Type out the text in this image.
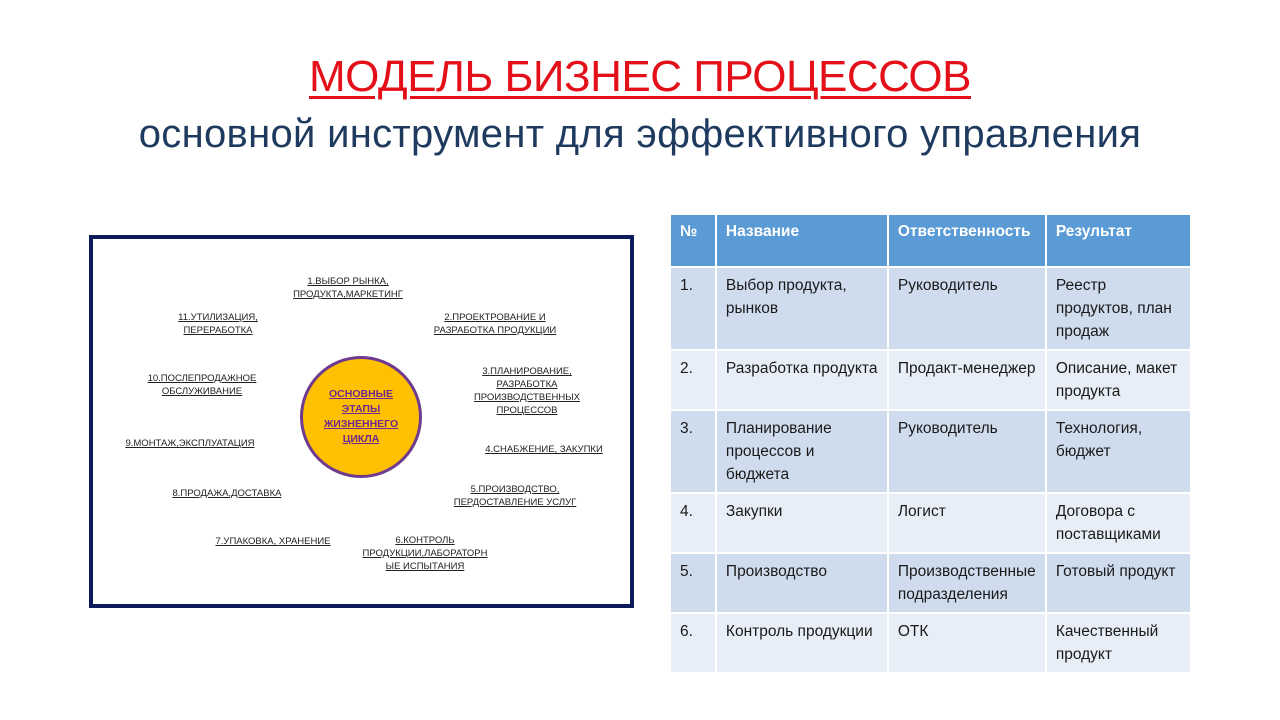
МОДЕЛЬ БИЗНЕС ПРОЦЕССОВ
основной инструмент для эффективного управления
ОСНОВНЫЕ ЭТАПЫ ЖИЗНЕННЕГО ЦИКЛА
1.ВЫБОР РЫНКА,
ПРОДУКТА,МАРКЕТИНГ
2.ПРОЕКТРОВАНИЕ И
РАЗРАБОТКА ПРОДУКЦИИ
3.ПЛАНИРОВАНИЕ,
РАЗРАБОТКА
ПРОИЗВОДСТВЕННЫХ
ПРОЦЕССОВ
4.СНАБЖЕНИЕ, ЗАКУПКИ
5.ПРОИЗВОДСТВО,
ПЕРДОСТАВЛЕНИЕ УСЛУГ
6.КОНТРОЛЬ
ПРОДУКЦИИ,ЛАБОРАТОРН
ЫЕ ИСПЫТАНИЯ
7.УПАКОВКА, ХРАНЕНИЕ
8.ПРОДАЖА,ДОСТАВКА
9.МОНТАЖ,ЭКСПЛУАТАЦИЯ
10.ПОСЛЕПРОДАЖНОЕ
ОБСЛУЖИВАНИЕ
11.УТИЛИЗАЦИЯ,
ПЕРЕРАБОТКА
№	Название	Ответственность	Результат
1.	Выбор продукта, рынков	Руководитель	Реестр продуктов, план продаж
2.	Разработка продукта	Продакт-менеджер	Описание, макет продукта
3.	Планирование процессов и бюджета	Руководитель	Технология, бюджет
4.	Закупки	Логист	Договора с поставщиками
5.	Производство	Производственные подразделения	Готовый продукт
6.	Контроль продукции	ОТК	Качественный продукт
